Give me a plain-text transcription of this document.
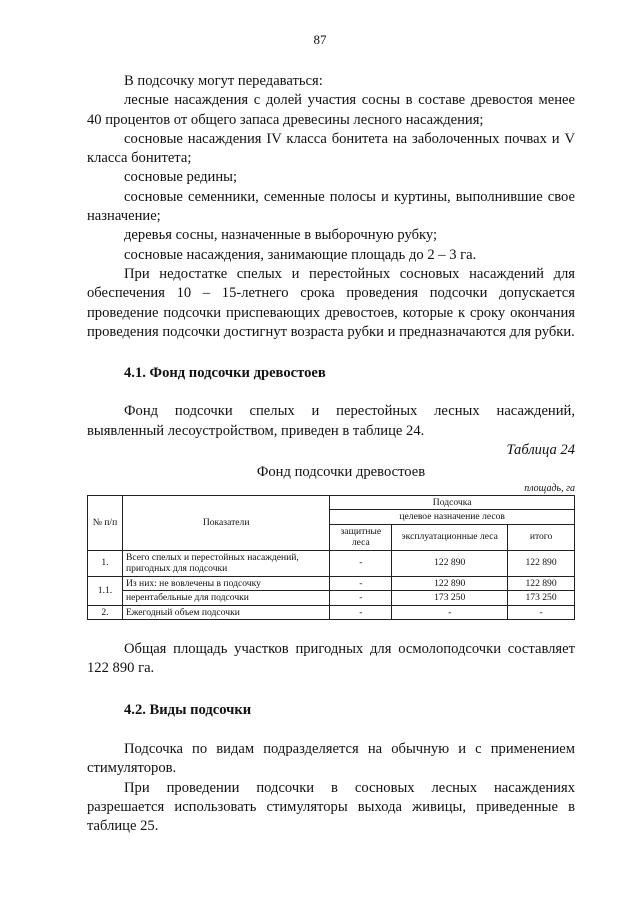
87

В подсочку могут передаваться:

лесные насаждения с долей участия сосны в составе древостоя менее 40 процентов от общего запаса древесины лесного насаждения;

сосновые насаждения IV класса бонитета на заболоченных почвах и V класса бонитета;

сосновые редины;

сосновые семенники, семенные полосы и куртины, выполнившие свое назначение;

деревья сосны, назначенные в выборочную рубку;

сосновые насаждения, занимающие площадь до 2 – 3 га.

При недостатке спелых и перестойных сосновых насаждений для обеспечения 10 – 15-летнего срока проведения подсочки допускается проведение подсочки приспевающих древостоев, которые к сроку окончания проведения подсочки достигнут возраста рубки и предназначаются для рубки.

4.1. Фонд подсочки древостоев

Фонд подсочки спелых и перестойных лесных насаждений, выявленный лесоустройством, приведен в таблице 24.

Таблица 24

Фонд подсочки древостоев

площадь, га

№ п/п	Показатели	Подсочка		
		целевое назначение лесов		
		защитные леса	эксплуатационные леса	итого
1.	Всего спелых и перестойных насаждений, пригодных для подсочки	-	122 890	122 890
1.1.	Из них: не вовлечены в подсочку	-	122 890	122 890
	нерентабельные для подсочки	-	173 250	173 250
2.	Ежегодный объем подсочки	-	-	-

Общая площадь участков пригодных для осмолоподсочки составляет 122 890 га.

4.2. Виды подсочки

Подсочка по видам подразделяется на обычную и с применением стимуляторов.

При проведении подсочки в сосновых лесных насаждениях разрешается использовать стимуляторы выхода живицы, приведенные в таблице 25.
